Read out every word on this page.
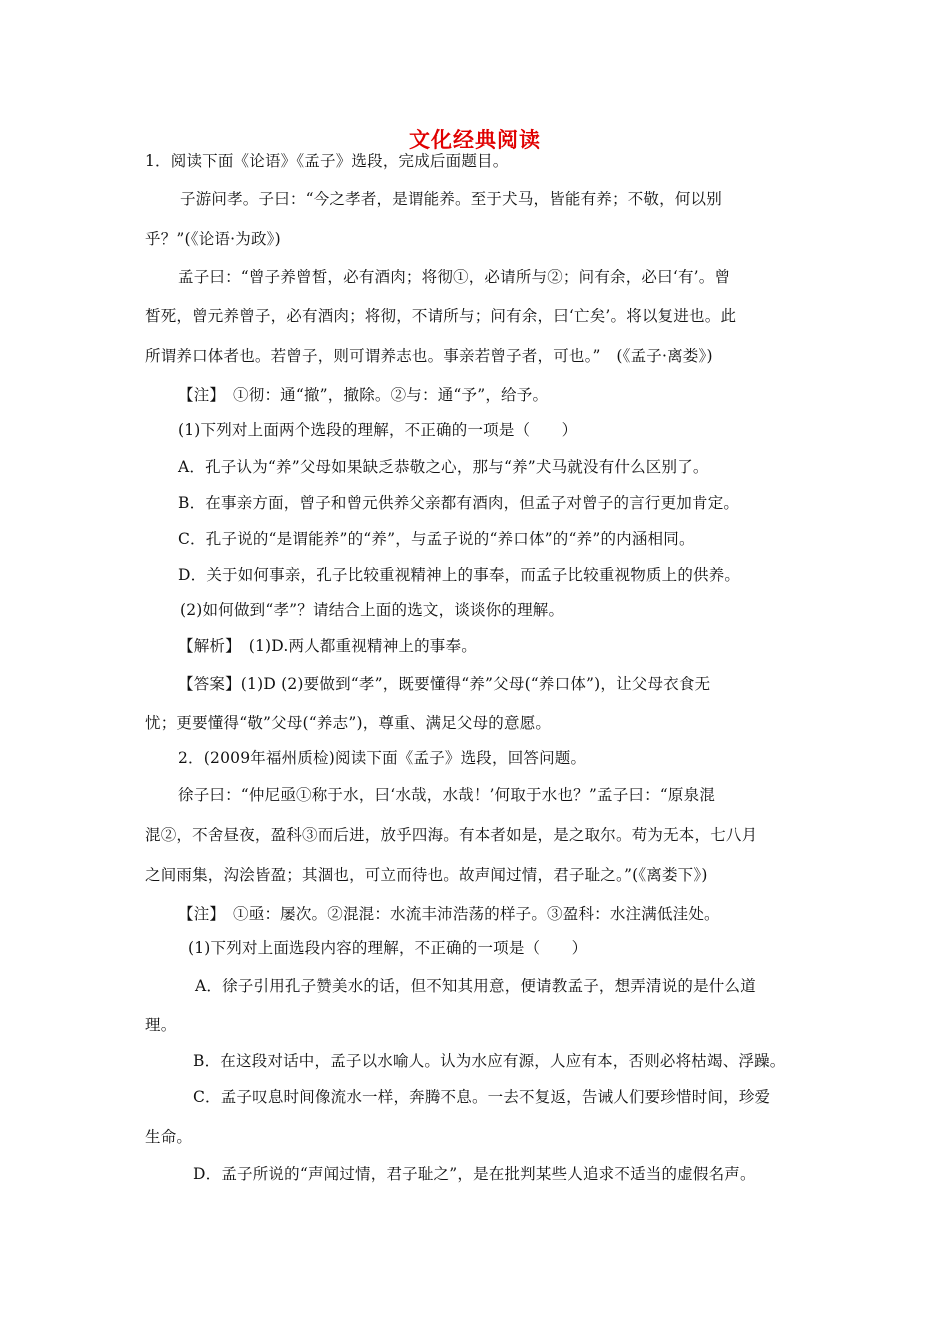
文化经典阅读
1．阅读下面《论语》《孟子》选段，完成后面题目。
子游问孝。子曰：“今之孝者，是谓能养。至于犬马，皆能有养；不敬，何以别
乎？”(《论语·为政》)
孟子曰：“曾子养曾皙，必有酒肉；将彻①，必请所与②；问有余，必曰‘有’。曾
皙死，曾元养曾子，必有酒肉；将彻，不请所与；问有余，曰‘亡矣’。将以复进也。此
所谓养口体者也。若曾子，则可谓养志也。事亲若曾子者，可也。”　(《孟子·离娄》)
【注】　①彻：通“撤”，撤除。②与：通“予”，给予。
(1)下列对上面两个选段的理解，不正确的一项是（　　）
A．孔子认为“养”父母如果缺乏恭敬之心，那与“养”犬马就没有什么区别了。
B．在事亲方面，曾子和曾元供养父亲都有酒肉，但孟子对曾子的言行更加肯定。
C．孔子说的“是谓能养”的“养”，与孟子说的“养口体”的“养”的内涵相同。
D．关于如何事亲，孔子比较重视精神上的事奉，而孟子比较重视物质上的供养。
(2)如何做到“孝”？请结合上面的选文，谈谈你的理解。
【解析】　(1)D.两人都重视精神上的事奉。
【答案】(1)D (2)要做到“孝”，既要懂得“养”父母(“养口体”)，让父母衣食无
忧；更要懂得“敬”父母(“养志”)，尊重、满足父母的意愿。
2．(2009年福州质检)阅读下面《孟子》选段，回答问题。
徐子曰：“仲尼亟①称于水，曰‘水哉，水哉！’何取于水也？”孟子曰：“原泉混
混②，不舍昼夜，盈科③而后进，放乎四海。有本者如是，是之取尔。苟为无本，七八月
之间雨集，沟浍皆盈；其涸也，可立而待也。故声闻过情，君子耻之。”(《离娄下》)
【注】　①亟：屡次。②混混：水流丰沛浩荡的样子。③盈科：水注满低洼处。
(1)下列对上面选段内容的理解，不正确的一项是（　　）
A．徐子引用孔子赞美水的话，但不知其用意，便请教孟子，想弄清说的是什么道
理。
B．在这段对话中，孟子以水喻人。认为水应有源，人应有本，否则必将枯竭、浮躁。
C．孟子叹息时间像流水一样，奔腾不息。一去不复返，告诫人们要珍惜时间，珍爱
生命。
D．孟子所说的“声闻过情，君子耻之”，是在批判某些人追求不适当的虚假名声。
